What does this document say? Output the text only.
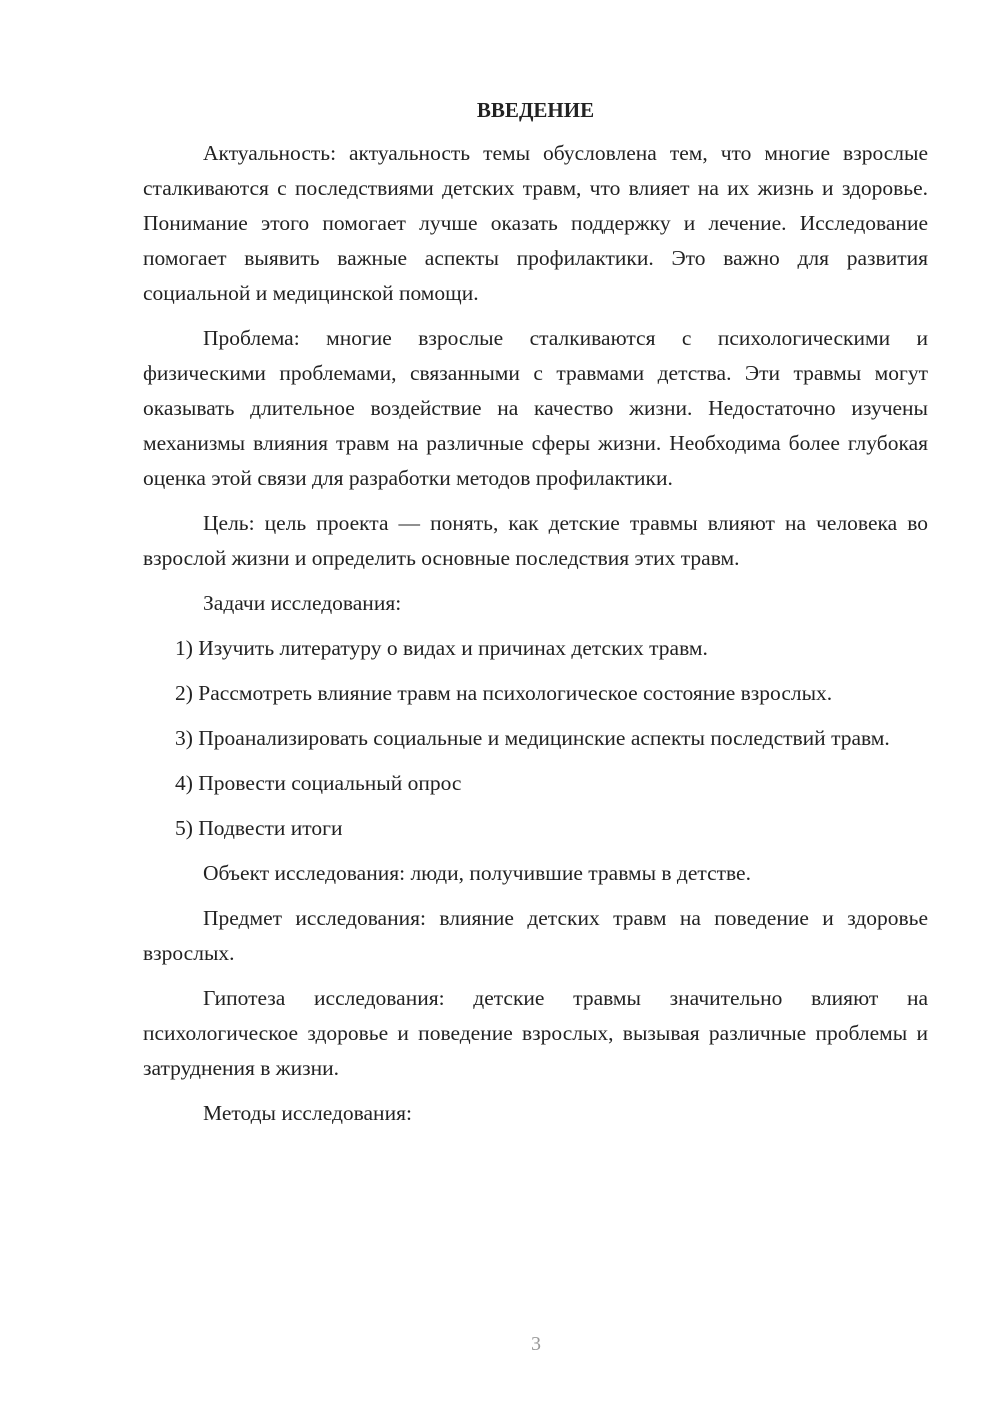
ВВЕДЕНИЕ

Актуальность: актуальность темы обусловлена тем, что многие взрослые сталкиваются с последствиями детских травм, что влияет на их жизнь и здоровье. Понимание этого помогает лучше оказать поддержку и лечение. Исследование помогает выявить важные аспекты профилактики. Это важно для развития социальной и медицинской помощи.

Проблема: многие взрослые сталкиваются с психологическими и физическими проблемами, связанными с травмами детства. Эти травмы могут оказывать длительное воздействие на качество жизни. Недостаточно изучены механизмы влияния травм на различные сферы жизни. Необходима более глубокая оценка этой связи для разработки методов профилактики.

Цель: цель проекта — понять, как детские травмы влияют на человека во взрослой жизни и определить основные последствия этих травм.

Задачи исследования:

1) Изучить литературу о видах и причинах детских травм.

2) Рассмотреть влияние травм на психологическое состояние взрослых.

3) Проанализировать социальные и медицинские аспекты последствий травм.

4) Провести социальный опрос

5) Подвести итоги

Объект исследования: люди, получившие травмы в детстве.

Предмет исследования: влияние детских травм на поведение и здоровье взрослых.

Гипотеза исследования: детские травмы значительно влияют на психологическое здоровье и поведение взрослых, вызывая различные проблемы и затруднения в жизни.

Методы исследования:

3
